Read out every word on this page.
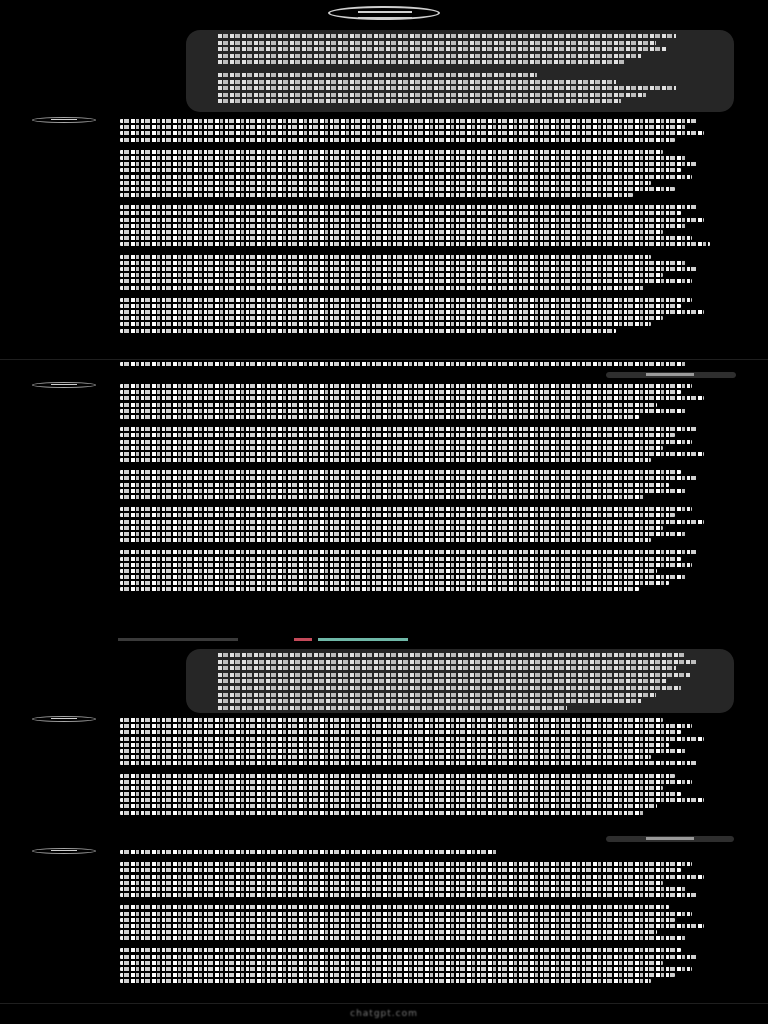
chatgpt.com
